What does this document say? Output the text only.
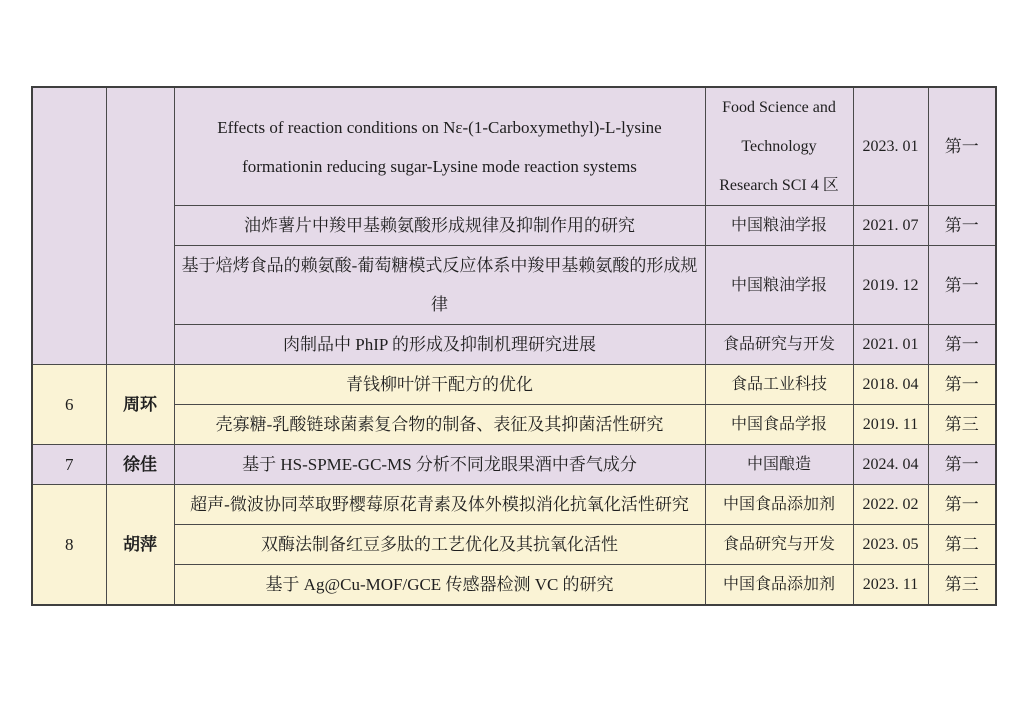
		Effects of reaction conditions on Nε-(1-Carboxymethyl)-L-lysine formationin reducing sugar-Lysine mode reaction systems	Food Science and Technology Research SCI 4 区	2023. 01	第一
		油炸薯片中羧甲基赖氨酸形成规律及抑制作用的研究	中国粮油学报	2021. 07	第一
		基于焙烤食品的赖氨酸-葡萄糖模式反应体系中羧甲基赖氨酸的形成规律	中国粮油学报	2019. 12	第一
		肉制品中 PhIP 的形成及抑制机理研究进展	食品研究与开发	2021. 01	第一
6	周环	青钱柳叶饼干配方的优化	食品工业科技	2018. 04	第一
		壳寡糖-乳酸链球菌素复合物的制备、表征及其抑菌活性研究	中国食品学报	2019. 11	第三
7	徐佳	基于 HS-SPME-GC-MS 分析不同龙眼果酒中香气成分	中国酿造	2024. 04	第一
8	胡萍	超声-微波协同萃取野樱莓原花青素及体外模拟消化抗氧化活性研究	中国食品添加剂	2022. 02	第一
		双酶法制备红豆多肽的工艺优化及其抗氧化活性	食品研究与开发	2023. 05	第二
		基于 Ag@Cu-MOF/GCE 传感器检测 VC 的研究	中国食品添加剂	2023. 11	第三
